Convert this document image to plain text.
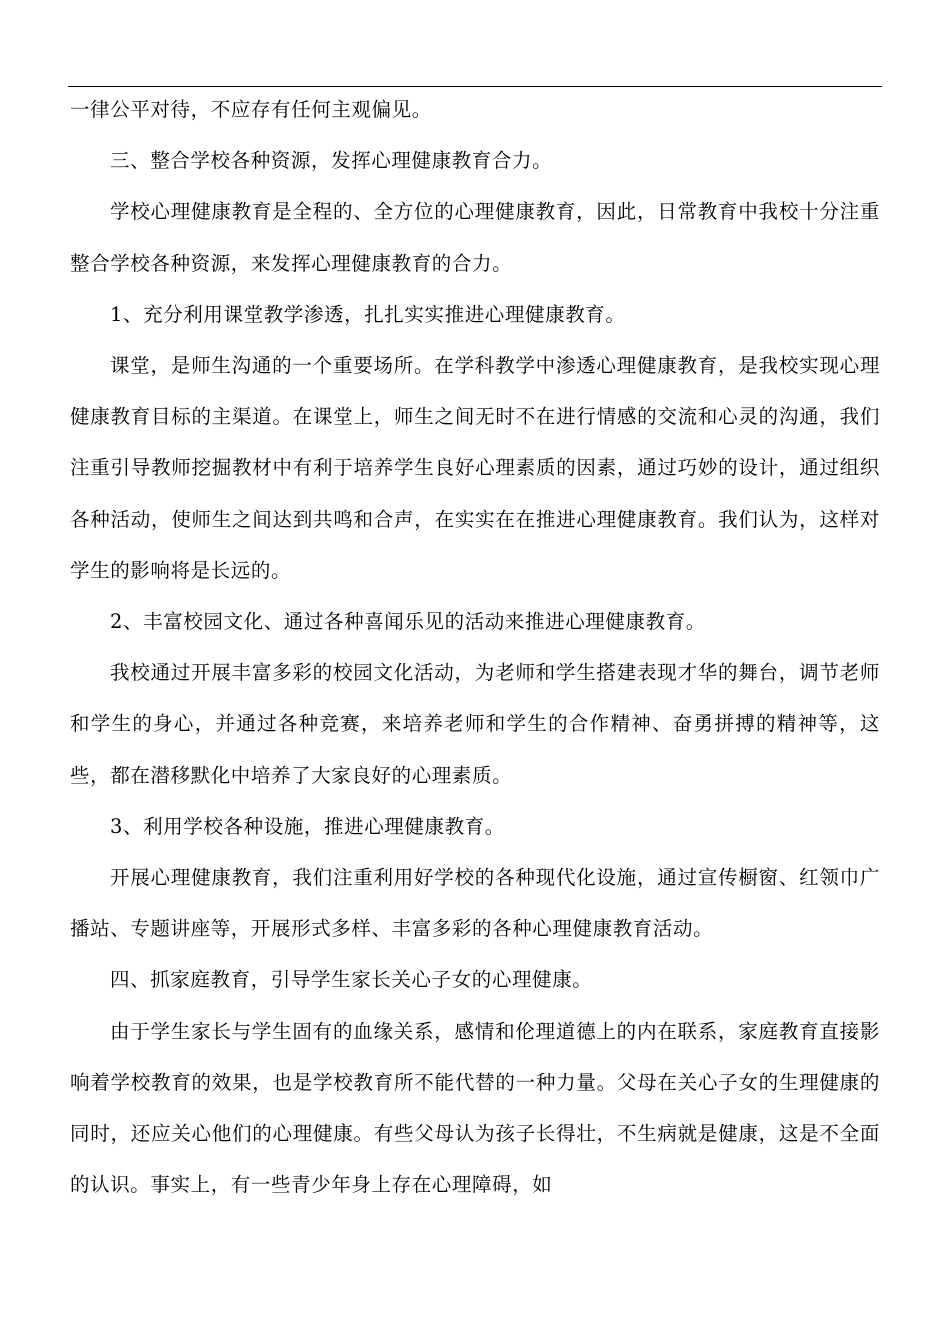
一律公平对待，不应存有任何主观偏见。

三、整合学校各种资源，发挥心理健康教育合力。

学校心理健康教育是全程的、全方位的心理健康教育，因此，日常教育中我校十分注重整合学校各种资源，来发挥心理健康教育的合力。

1、充分利用课堂教学渗透，扎扎实实推进心理健康教育。

课堂，是师生沟通的一个重要场所。在学科教学中渗透心理健康教育，是我校实现心理健康教育目标的主渠道。在课堂上，师生之间无时不在进行情感的交流和心灵的沟通，我们注重引导教师挖掘教材中有利于培养学生良好心理素质的因素，通过巧妙的设计，通过组织各种活动，使师生之间达到共鸣和合声，在实实在在推进心理健康教育。我们认为，这样对学生的影响将是长远的。

2、丰富校园文化、通过各种喜闻乐见的活动来推进心理健康教育。

我校通过开展丰富多彩的校园文化活动，为老师和学生搭建表现才华的舞台，调节老师和学生的身心，并通过各种竞赛，来培养老师和学生的合作精神、奋勇拼搏的精神等，这些，都在潜移默化中培养了大家良好的心理素质。

3、利用学校各种设施，推进心理健康教育。

开展心理健康教育，我们注重利用好学校的各种现代化设施，通过宣传橱窗、红领巾广播站、专题讲座等，开展形式多样、丰富多彩的各种心理健康教育活动。

四、抓家庭教育，引导学生家长关心子女的心理健康。

由于学生家长与学生固有的血缘关系，感情和伦理道德上的内在联系，家庭教育直接影响着学校教育的效果，也是学校教育所不能代替的一种力量。父母在关心子女的生理健康的同时，还应关心他们的心理健康。有些父母认为孩子长得壮，不生病就是健康，这是不全面的认识。事实上，有一些青少年身上存在心理障碍，如
